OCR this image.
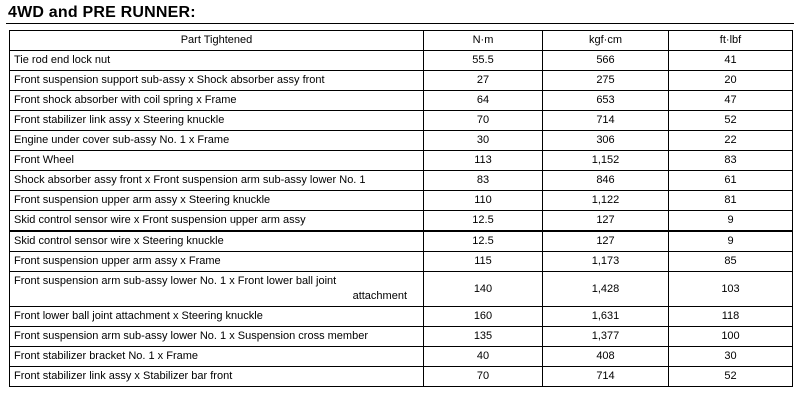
4WD and PRE RUNNER:
Part Tightened	N·m	kgf·cm	ft·lbf
Tie rod end lock nut	55.5	566	41
Front suspension support sub-assy x Shock absorber assy front	27	275	20
Front shock absorber with coil spring x Frame	64	653	47
Front stabilizer link assy x Steering knuckle	70	714	52
Engine under cover sub-assy No. 1 x Frame	30	306	22
Front Wheel	113	1,152	83
Shock absorber assy front x Front suspension arm sub-assy lower No. 1	83	846	61
Front suspension upper arm assy x Steering knuckle	110	1,122	81
Skid control sensor wire x Front suspension upper arm assy	12.5	127	9
Skid control sensor wire x Steering knuckle	12.5	127	9
Front suspension upper arm assy x Frame	115	1,173	85

Front suspension arm sub-assy lower No. 1 x Front lower ball joint
attachment	140	1,428	103
Front lower ball joint attachment x Steering knuckle	160	1,631	118
Front suspension arm sub-assy lower No. 1 x Suspension cross member	135	1,377	100
Front stabilizer bracket No. 1 x Frame	40	408	30
Front stabilizer link assy x Stabilizer bar front	70	714	52
